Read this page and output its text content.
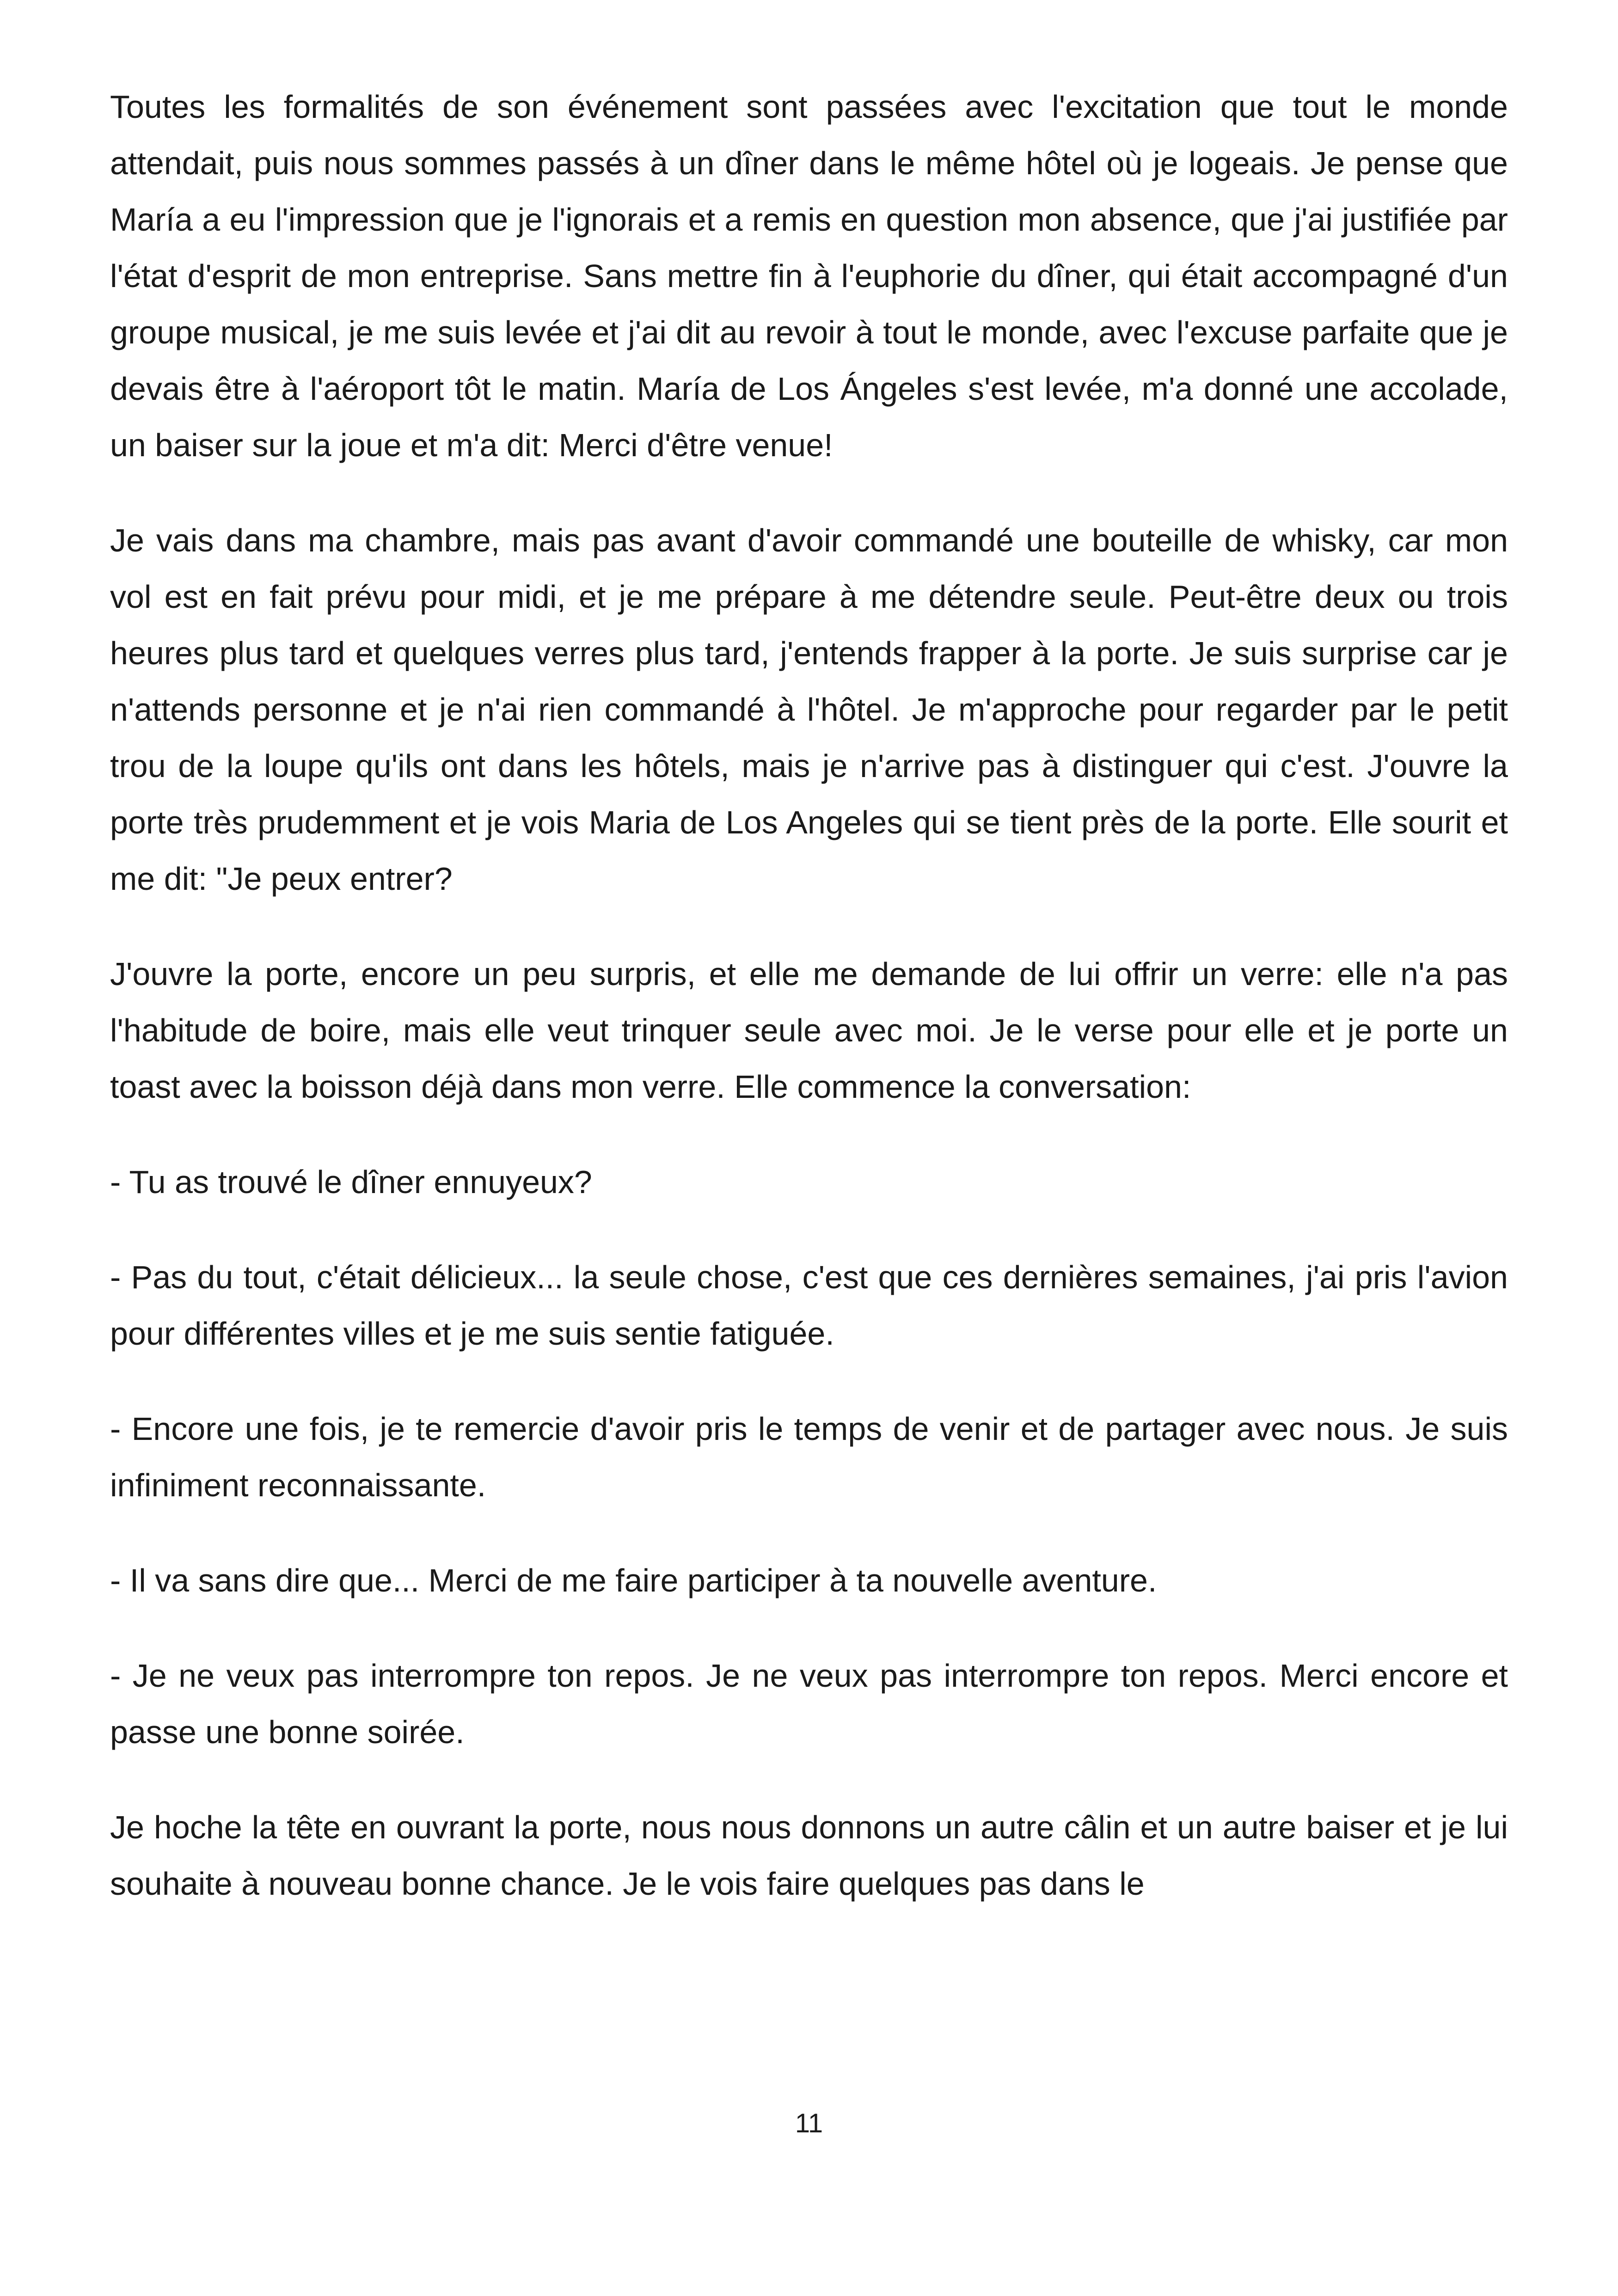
Toutes les formalités de son événement sont passées avec l'excitation que tout le monde attendait, puis nous sommes passés à un dîner dans le même hôtel où je logeais. Je pense que María a eu l'impression que je l'ignorais et a remis en question mon absence, que j'ai justifiée par l'état d'esprit de mon entreprise. Sans mettre fin à l'euphorie du dîner, qui était accompagné d'un groupe musical, je me suis levée et j'ai dit au revoir à tout le monde, avec l'excuse parfaite que je devais être à l'aéroport tôt le matin. María de Los Ángeles s'est levée, m'a donné une accolade, un baiser sur la joue et m'a dit: Merci d'être venue!

Je vais dans ma chambre, mais pas avant d'avoir commandé une bouteille de whisky, car mon vol est en fait prévu pour midi, et je me prépare à me détendre seule. Peut-être deux ou trois heures plus tard et quelques verres plus tard, j'entends frapper à la porte. Je suis surprise car je n'attends personne et je n'ai rien commandé à l'hôtel. Je m'approche pour regarder par le petit trou de la loupe qu'ils ont dans les hôtels, mais je n'arrive pas à distinguer qui c'est. J'ouvre la porte très prudemment et je vois Maria de Los Angeles qui se tient près de la porte. Elle sourit et me dit: "Je peux entrer?

J'ouvre la porte, encore un peu surpris, et elle me demande de lui offrir un verre: elle n'a pas l'habitude de boire, mais elle veut trinquer seule avec moi. Je le verse pour elle et je porte un toast avec la boisson déjà dans mon verre. Elle commence la conversation:

- Tu as trouvé le dîner ennuyeux?

- Pas du tout, c'était délicieux... la seule chose, c'est que ces dernières semaines, j'ai pris l'avion pour différentes villes et je me suis sentie fatiguée.

- Encore une fois, je te remercie d'avoir pris le temps de venir et de partager avec nous. Je suis infiniment reconnaissante.

- Il va sans dire que... Merci de me faire participer à ta nouvelle aventure.

- Je ne veux pas interrompre ton repos. Je ne veux pas interrompre ton repos. Merci encore et passe une bonne soirée.

Je hoche la tête en ouvrant la porte, nous nous donnons un autre câlin et un autre baiser et je lui souhaite à nouveau bonne chance. Je le vois faire quelques pas dans le

11
